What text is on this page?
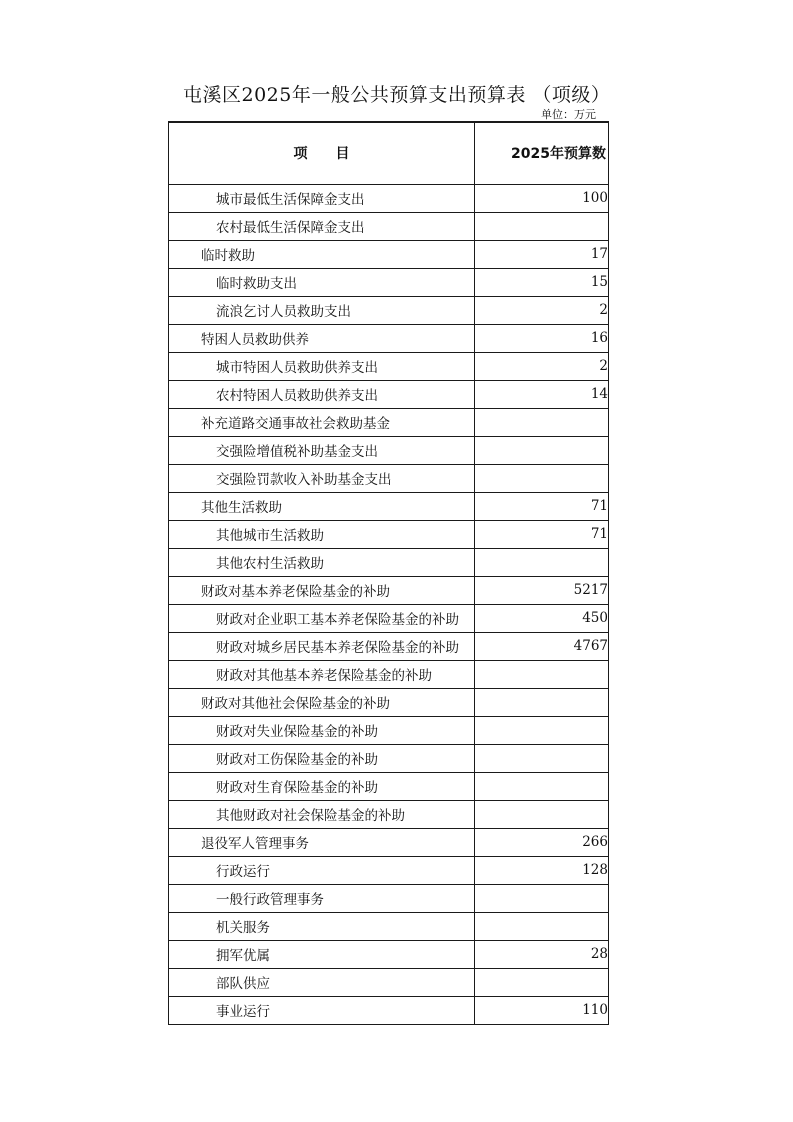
屯溪区2025年一般公共预算支出预算表 （项级）
单位：万元
项　　目	2025年预算数
城市最低生活保障金支出	100
农村最低生活保障金支出	
临时救助	17
临时救助支出	15
流浪乞讨人员救助支出	2
特困人员救助供养	16
城市特困人员救助供养支出	2
农村特困人员救助供养支出	14
补充道路交通事故社会救助基金	
交强险增值税补助基金支出	
交强险罚款收入补助基金支出	
其他生活救助	71
其他城市生活救助	71
其他农村生活救助	
财政对基本养老保险基金的补助	5217
财政对企业职工基本养老保险基金的补助	450
财政对城乡居民基本养老保险基金的补助	4767
财政对其他基本养老保险基金的补助	
财政对其他社会保险基金的补助	
财政对失业保险基金的补助	
财政对工伤保险基金的补助	
财政对生育保险基金的补助	
其他财政对社会保险基金的补助	
退役军人管理事务	266
行政运行	128
一般行政管理事务	
机关服务	
拥军优属	28
部队供应	
事业运行	110
